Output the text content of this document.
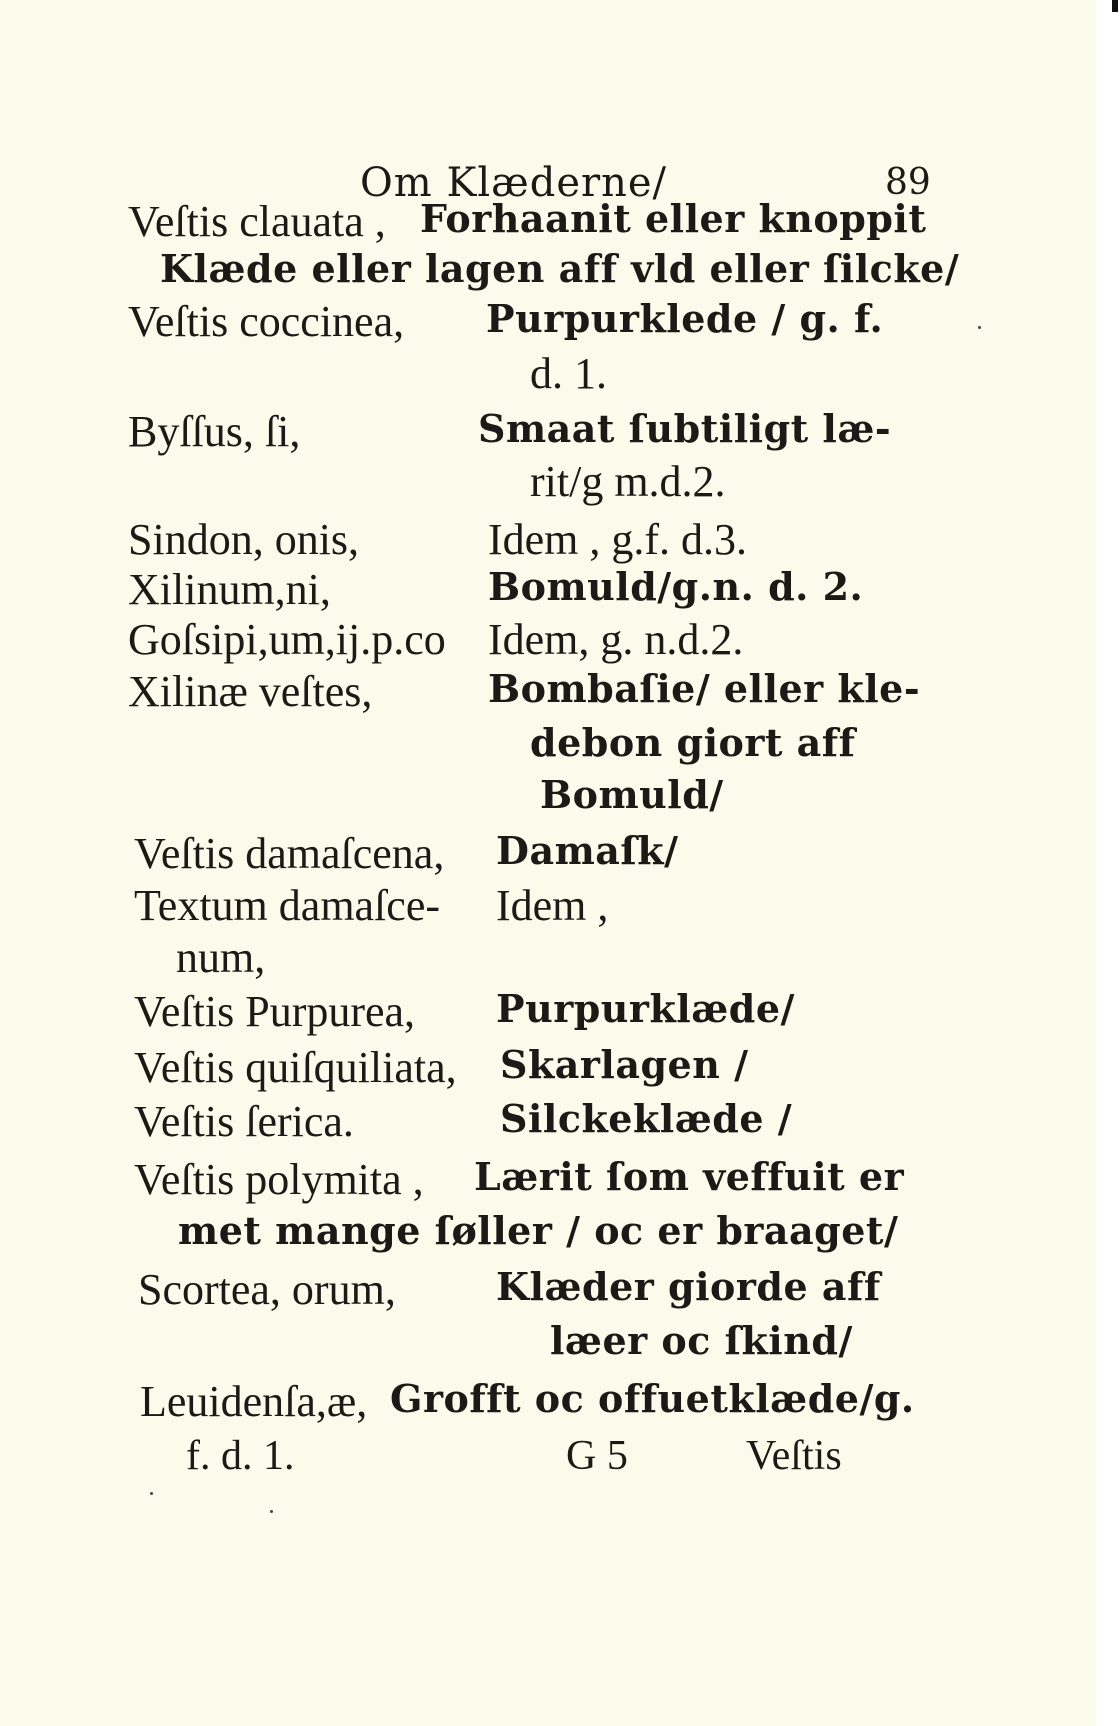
Om Klæderne/	89
Veſtis clauata , Forhaanit eller knoppit
Klæde eller lagen aff vld eller ſilcke/
Veſtis coccinea, Purpurklede / g. f.
d. 1.
Byſſus, ſi,	Smaat ſubtiligt læ-
rit/g m.d.2.
Sindon, onis,	Idem , g.f. d.3.
Xilinum,ni,	Bomuld/g.n. d. 2.
Goſsipi,um,ij.p.co Idem, g. n.d.2.
Xilinæ veſtes,	Bombaſie/ eller kle-
debon giort aff
Bomuld/
Veſtis damaſcena, Damaſk/
Textum damaſce- Idem ,
num,
Veſtis Purpurea, Purpurklæde/
Veſtis quiſquiliata, Skarlagen /
Veſtis ſerica.	Silckeklæde /
Veſtis polymita , Lærit ſom veffuit er
met mange ſøller / oc er braaget/
Scortea, orum,	Klæder giorde aff
læer oc ſkind/
Leuidenſa,æ, Grofft oc offuetklæde/g.
f. d. 1.	G 5	Veſtis
